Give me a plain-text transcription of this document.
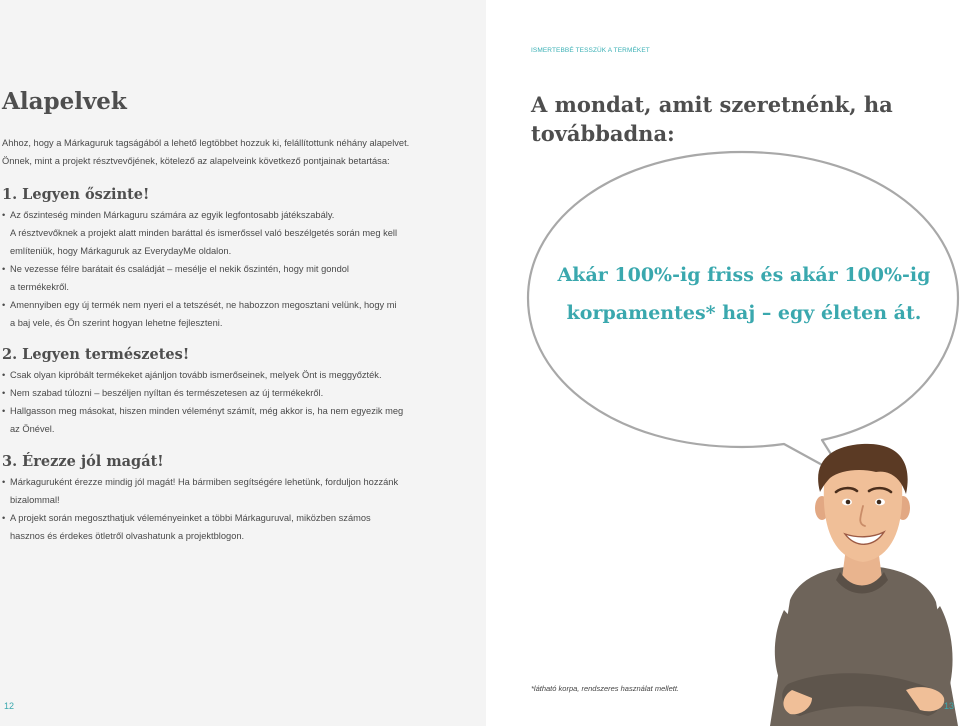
Alapelvek

Ahhoz, hogy a Márkaguruk tagságából a lehető legtöbbet hozzuk ki, felállítottunk néhány alapelvet.
Önnek, mint a projekt résztvevőjének, kötelező az alapelveink következő pontjainak betartása:

1. Legyen őszinte!
• Az őszinteség minden Márkaguru számára az egyik legfontosabb játékszabály.
A résztvevőknek a projekt alatt minden baráttal és ismerőssel való beszélgetés során meg kell
említeniük, hogy Márkaguruk az EverydayMe oldalon.
• Ne vezesse félre barátait és családját – mesélje el nekik őszintén, hogy mit gondol
a termékekről.
• Amennyiben egy új termék nem nyeri el a tetszését, ne habozzon megosztani velünk, hogy mi
a baj vele, és Ön szerint hogyan lehetne fejleszteni.
2. Legyen természetes!
• Csak olyan kipróbált termékeket ajánljon tovább ismerőseinek, melyek Önt is meggyőzték.
• Nem szabad túlozni – beszéljen nyíltan és természetesen az új termékekről.
• Hallgasson meg másokat, hiszen minden véleményt számít, még akkor is, ha nem egyezik meg
az Önével.
3. Érezze jól magát!
• Márkaguruként érezze mindig jól magát! Ha bármiben segítségére lehetünk, forduljon hozzánk
bizalommal!
• A projekt során megoszthatjuk véleményeinket a többi Márkaguruval, miközben számos
hasznos és érdekes ötletről olvashatunk a projektblogon.
12
ISMERTEBBÉ TESSZÜK A TERMÉKET
A mondat, amit szeretnénk, ha
továbbadna:
Akár 100%-ig friss és akár 100%-ig
korpamentes* haj – egy életen át.
*látható korpa, rendszeres használat mellett.
13
